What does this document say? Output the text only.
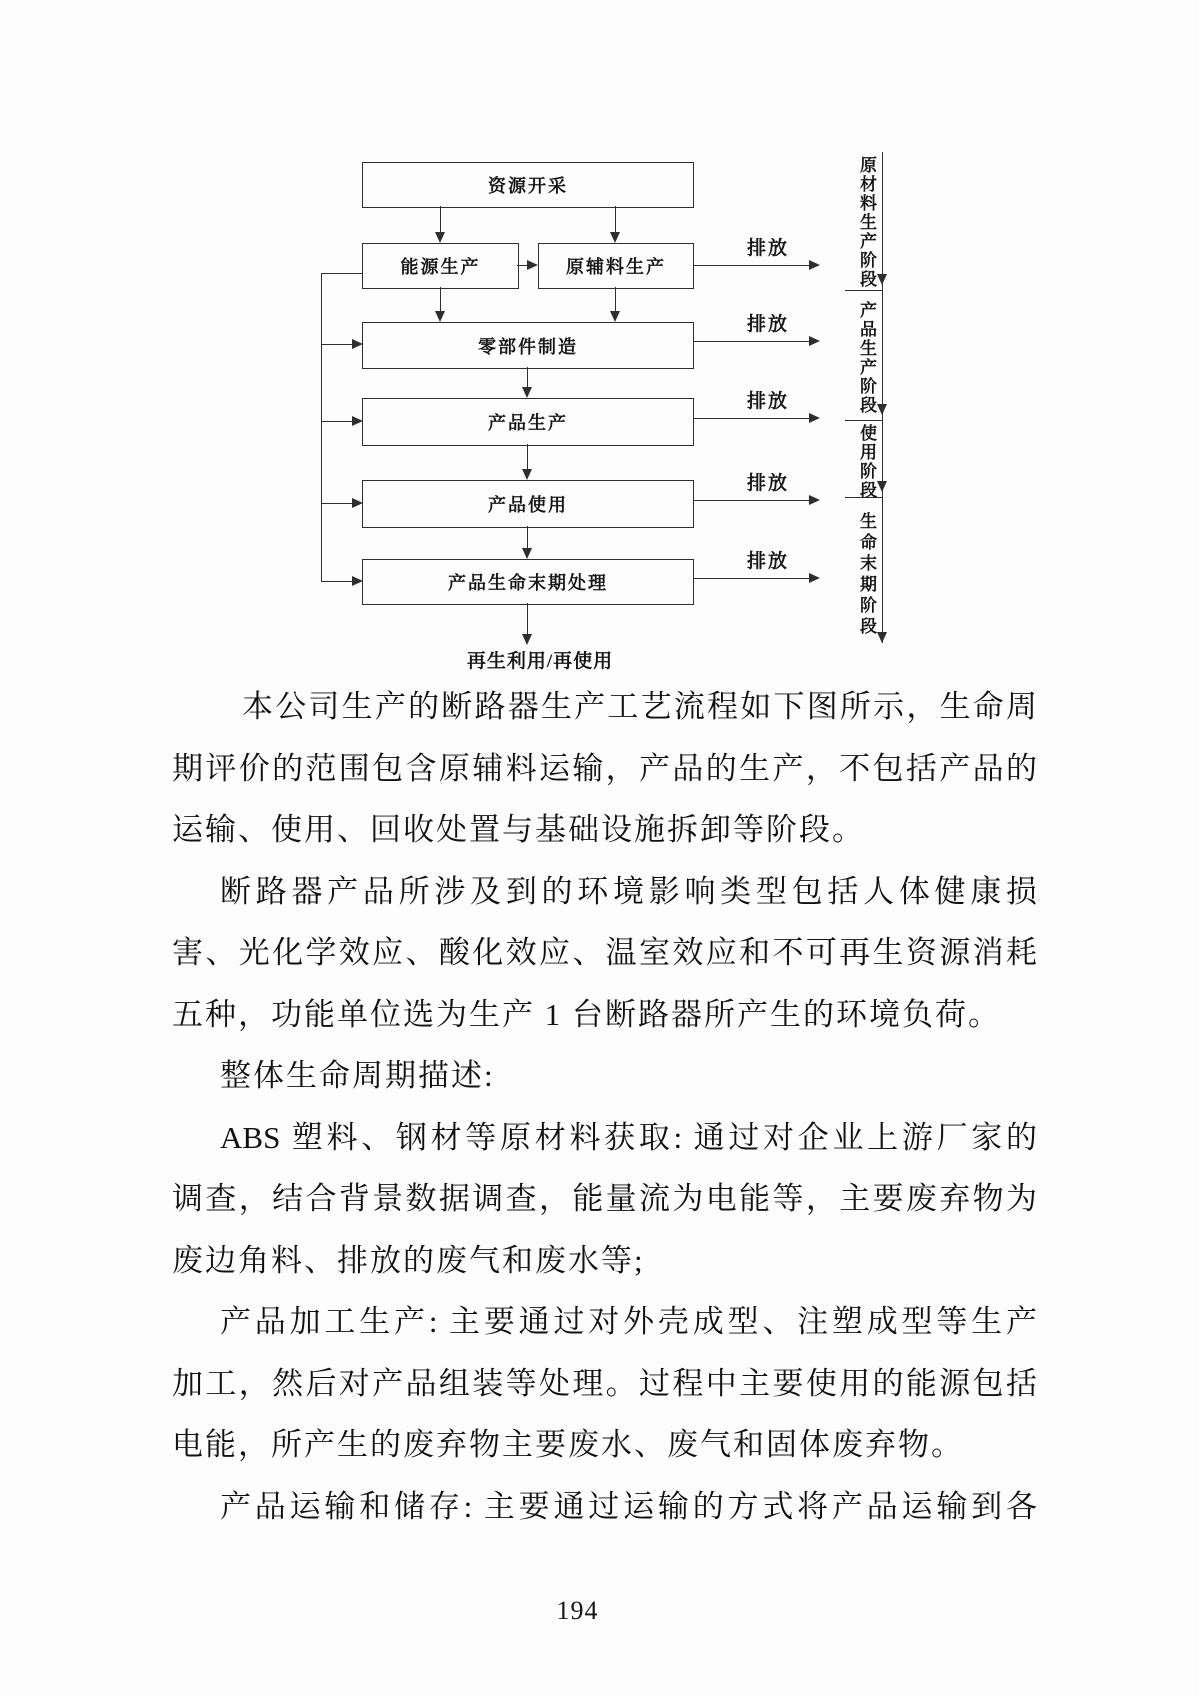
资源开采
能源生产	原辅料生产
零部件制造
产品生产
产品使用
产品生命末期处理
排放
排放
排放
排放
排放
原材料生产阶段
产品生产阶段
使用阶段
生命末期阶段
再生利用/再使用
本公司生产的断路器生产工艺流程如下图所示，生命周
期评价的范围包含原辅料运输，产品的生产，不包括产品的
运输、使用、回收处置与基础设施拆卸等阶段。
断路器产品所涉及到的环境影响类型包括人体健康损
害、光化学效应、酸化效应、温室效应和不可再生资源消耗
五种，功能单位选为生产 1 台断路器所产生的环境负荷。
整体生命周期描述:
ABS 塑料、钢材等原材料获取: 通过对企业上游厂家的
调查，结合背景数据调查，能量流为电能等，主要废弃物为
废边角料、排放的废气和废水等;
产品加工生产: 主要通过对外壳成型、注塑成型等生产
加工，然后对产品组装等处理。过程中主要使用的能源包括
电能，所产生的废弃物主要废水、废气和固体废弃物。
产品运输和储存: 主要通过运输的方式将产品运输到各
194
